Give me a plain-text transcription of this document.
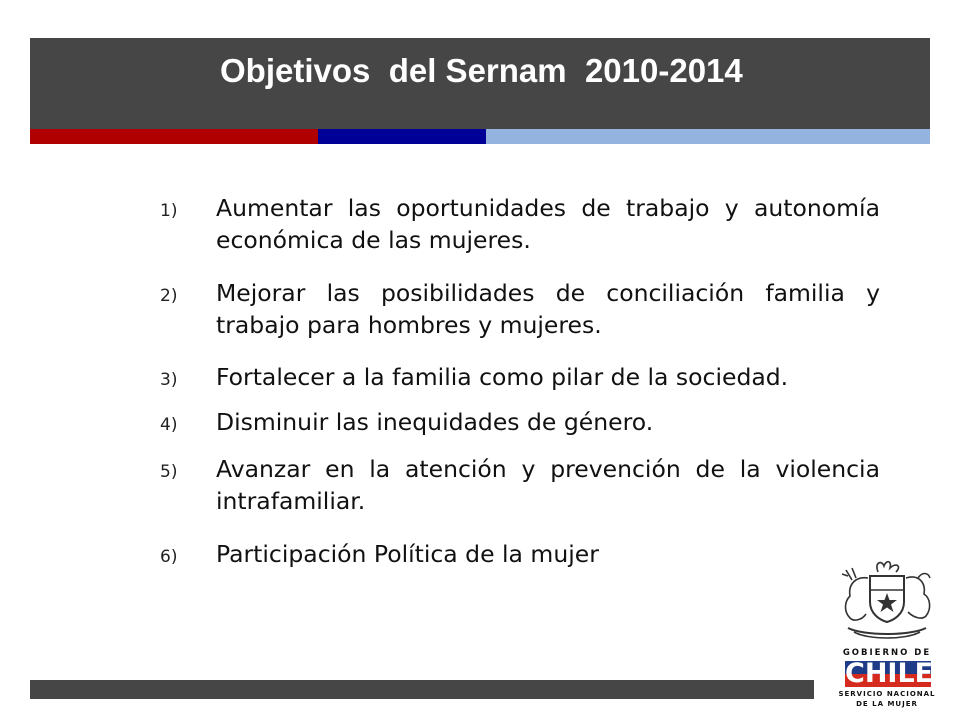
Objetivos  del Sernam  2010-2014
1)	Aumentar las oportunidades de trabajo y autonomía económica de las mujeres.
2)	Mejorar las posibilidades de conciliación familia y trabajo para hombres y mujeres.
3)	Fortalecer a la familia como pilar de la sociedad.
4)	Disminuir las inequidades de género.
5)	Avanzar en la atención y prevención de la violencia intrafamiliar.
6)	Participación Política de la mujer
GOBIERNO DE
CHILE
SERVICIO NACIONAL
DE LA MUJER
